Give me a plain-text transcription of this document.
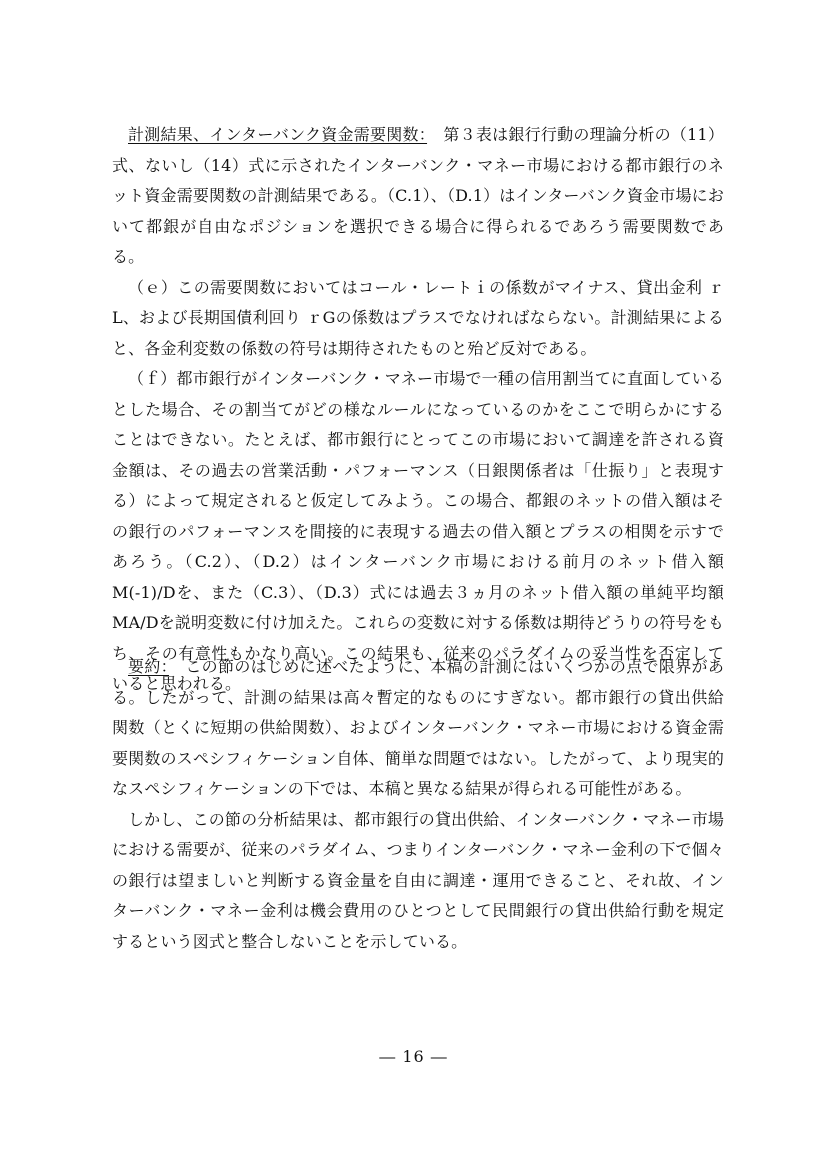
計測結果、インターバンク資金需要関数：　 第３表は銀行行動の理論分析の（11）式、ないし（14）式に示されたインターバンク・マネー市場における都市銀行のネット資金需要関数の計測結果である。（C.1）、（D.1）はインターバンク資金市場において都銀が自由なポジションを選択できる場合に得られるであろう需要関数である。

（ｅ）この需要関数においてはコール・レートｉの係数がマイナス、貸出金利 ｒL、および長期国債利回り ｒGの係数はプラスでなければならない。計測結果によると、各金利変数の係数の符号は期待されたものと殆ど反対である。

（ｆ）都市銀行がインターバンク・マネー市場で一種の信用割当てに直面しているとした場合、その割当てがどの様なルールになっているのかをここで明らかにすることはできない。たとえば、都市銀行にとってこの市場において調達を許される資金額は、その過去の営業活動・パフォーマンス（日銀関係者は「仕振り」と表現する）によって規定されると仮定してみよう。この場合、都銀のネットの借入額はその銀行のパフォーマンスを間接的に表現する過去の借入額とプラスの相関を示すであろう。（C.2）、（D.2）はインターバンク市場における前月のネット借入額 M(-1)/Dを、また（C.3）、（D.3）式には過去３ヵ月のネット借入額の単純平均額 MA/Dを説明変数に付け加えた。これらの変数に対する係数は期待どうりの符号をもち、その有意性もかなり高い。この結果も、従来のパラダイムの妥当性を否定していると思われる。

要約：　 この節のはじめに述べたように、本稿の計測にはいくつかの点で限界がある。したがって、計測の結果は高々暫定的なものにすぎない。都市銀行の貸出供給関数（とくに短期の供給関数）、およびインターバンク・マネー市場における資金需要関数のスペシフィケーション自体、簡単な問題ではない。したがって、より現実的なスペシフィケーションの下では、本稿と異なる結果が得られる可能性がある。

しかし、この節の分析結果は、都市銀行の貸出供給、インターバンク・マネー市場における需要が、従来のパラダイム、つまりインターバンク・マネー金利の下で個々の銀行は望ましいと判断する資金量を自由に調達・運用できること、それ故、インターバンク・マネー金利は機会費用のひとつとして民間銀行の貸出供給行動を規定するという図式と整合しないことを示している。

― 16 ―
